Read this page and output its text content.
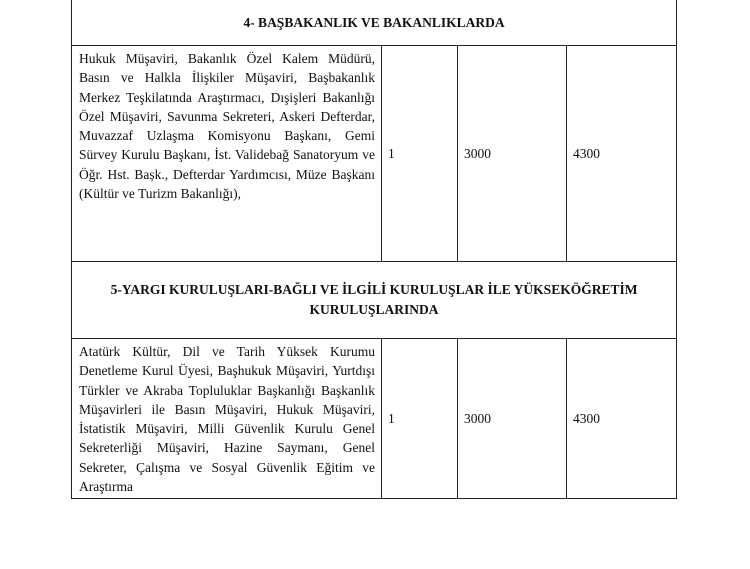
4- BAŞBAKANLIK VE BAKANLIKLARDA			
Hukuk Müşaviri, Bakanlık Özel Kalem Müdürü, Basın ve Halkla İlişkiler Müşaviri, Başbakanlık Merkez Teşkilatında Araştırmacı, Dışişleri Bakanlığı Özel Müşaviri, Savunma Sekreteri, Askeri Defterdar, Muvazzaf Uzlaşma Komisyonu Başkanı, Gemi Sürvey Kurulu Başkanı, İst. Validebağ Sanatoryum ve Öğr. Hst. Bașk., Defterdar Yardımcısı, Müze Başkanı (Kültür ve Turizm Bakanlığı),	1	3000	4300
5-YARGI KURULUŞLARI-BAĞLI VE İLGİLİ KURULUŞLAR İLE YÜKSEKÖĞRETİM KURULUŞLARINDA			

Atatürk Kültür, Dil ve Tarih Yüksek Kurumu Denetleme Kurul Üyesi, Başhukuk Müşaviri, Yurtdışı Türkler ve Akraba Topluluklar Başkanlığı Başkanlık Müşavirleri ile Basın Müşaviri, Hukuk Müşaviri, İstatistik Müşaviri, Milli Güvenlik Kurulu Genel Sekreterliği Müşaviri, Hazine Saymanı, Genel Sekreter, Çalışma ve Sosyal Güvenlik Eğitim ve Araştırma	1	3000	4300
